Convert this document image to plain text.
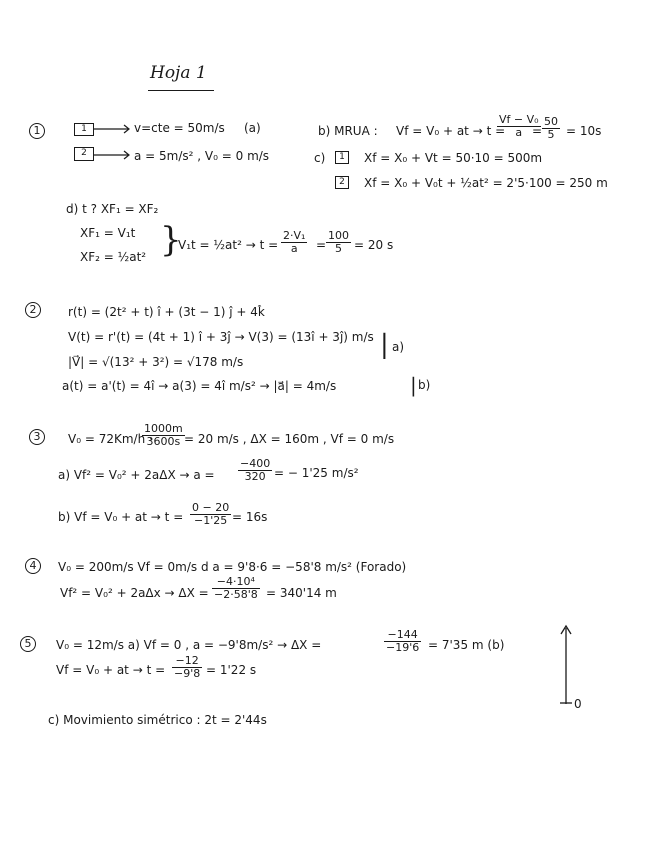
Hoja 1
1	1	v=cte = 50m/s (a)
2	a = 5m/s² , V₀ = 0 m/s
b) MRUA : Vf = V₀ + at → t =
$\frac{\text{Vf − V₀}}{a}$
= $\frac{50}{5} = 10s$
c)	1	Xf = X₀ + Vt = 50·10 = 500m
2	Xf = X₀ + V₀t + ½at² = 2'5·100 = 250 m
d) t ? XF₁ = XF₂
XF₁ = V₁t
XF₂ = ½at² }
V₁t = ½at² → $t = \frac{\text{2·V₁}}{a} = \frac{100}{5} = 20$ s
2	r(t) = (2t² + t) î + (3t − 1) ĵ + 4k̂
V(t) = r'(t) = (4t + 1) î + 3ĵ → V(3) = (13î + 3ĵ) m/s
|V⃗| = √(13² + 3²) = √178 m/s
| a)
a(t) = a'(t) = 4î → a(3) = 4î m/s² → |a⃗| = 4m/s	| b)
3	V₀ = 72Km/h ·
$\frac{1000m}{3600s} = 20$ m/s , ΔX = 160m , Vf = 0 m/s
a) $Vf^2 = V_0^2 + 2a\Delta X \to a = \frac{-400}{320}$ = − 1'25 m/s²
b) Vf = V₀ + at → $t = \frac{0 - 20}{-1'25} = 16s$
4	V₀ = 200m/s Vf = 0m/s d a = 9'8·6 = −58'8 m/s² (Forado)
$Vf^2 = V_0^2 + 2a\Delta x \to \Delta X = \frac{\text{−4·10⁴}}{-2\cdot 58'8} = 340'14$ m
5	V₀ = 12m/s a) Vf = 0 , a = −9'8m/s² → ΔX =	$\frac{-144}{-19'6} = 7'35$ m (b)
Vf = V₀ + at → $t = \frac{-12}{-9'8} = 1'22$ s
0
c) Movimiento simétrico : 2t = 2'44s
